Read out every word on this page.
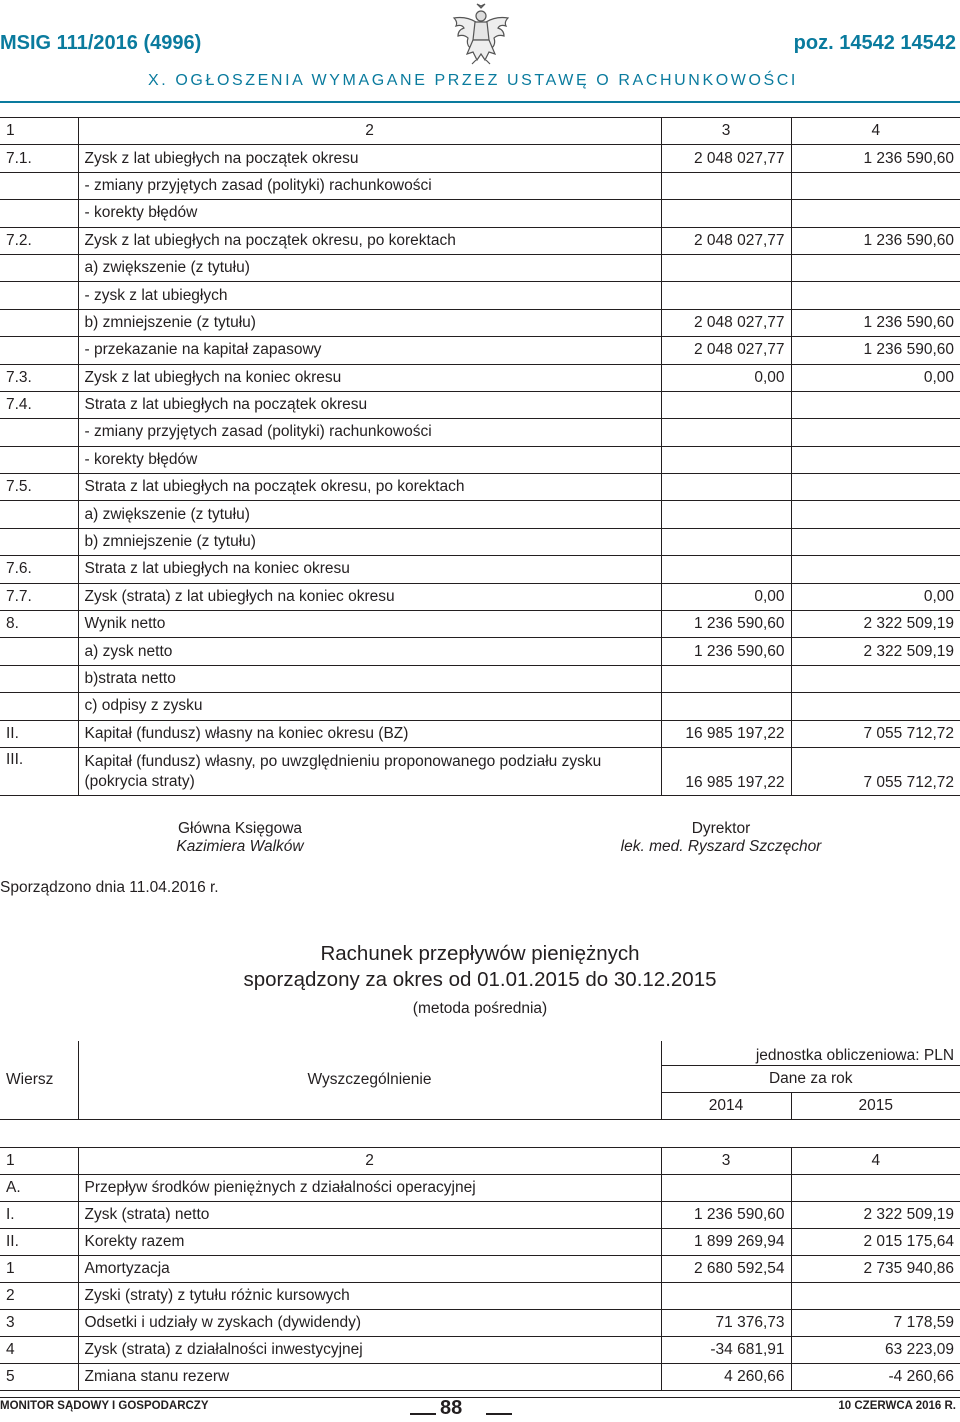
MSIG 111/2016 (4996)	poz. 14542 14542
X. OGŁOSZENIA WYMAGANE PRZEZ USTAWĘ O RACHUNKOWOŚCI
1	2	3	4
7.1.	Zysk z lat ubiegłych na początek okresu	2 048 027,77	1 236 590,60
	- zmiany przyjętych zasad (polityki) rachunkowości		
	- korekty błędów		
7.2.	Zysk z lat ubiegłych na początek okresu, po korektach	2 048 027,77	1 236 590,60
	a) zwiększenie (z tytułu)		
	- zysk z lat ubiegłych		
	b) zmniejszenie (z tytułu)	2 048 027,77	1 236 590,60
	- przekazanie na kapitał zapasowy	2 048 027,77	1 236 590,60
7.3.	Zysk z lat ubiegłych na koniec okresu	0,00	0,00
7.4.	Strata z lat ubiegłych na początek okresu		
	- zmiany przyjętych zasad (polityki) rachunkowości		
	- korekty błędów		
7.5.	Strata z lat ubiegłych na początek okresu, po korektach		
	a) zwiększenie (z tytułu)		
	b) zmniejszenie (z tytułu)		
7.6.	Strata z lat ubiegłych na koniec okresu		
7.7.	Zysk (strata) z lat ubiegłych na koniec okresu	0,00	0,00
8.	Wynik netto	1 236 590,60	2 322 509,19
	a) zysk netto	1 236 590,60	2 322 509,19
	b)strata netto		
	c) odpisy z zysku		
II.	Kapitał (fundusz) własny na koniec okresu (BZ)	16 985 197,22	7 055 712,72
III.	Kapitał (fundusz) własny, po uwzględnieniu proponowanego podziału zysku (pokrycia straty)	16 985 197,22	7 055 712,72
Główna Księgowa
Kazimiera Walków
Dyrektor
lek. med. Ryszard Szczęchor
Sporządzono dnia 11.04.2016 r.
Rachunek przepływów pieniężnych
sporządzony za okres od 01.01.2015 do 30.12.2015
(metoda pośrednia)
Wiersz	Wyszczególnienie	jednostka obliczeniowa: PLN	
		Dane za rok	
		2014	2015
1	2	3	4
A.	Przepływ środków pieniężnych z działalności operacyjnej		
I.	Zysk (strata) netto	1 236 590,60	2 322 509,19
II.	Korekty razem	1 899 269,94	2 015 175,64
1	Amortyzacja	2 680 592,54	2 735 940,86
2	Zyski (straty) z tytułu różnic kursowych		
3	Odsetki i udziały w zyskach (dywidendy)	71 376,73	7 178,59
4	Zysk (strata) z działalności inwestycyjnej	-34 681,91	63 223,09
5	Zmiana stanu rezerw	4 260,66	-4 260,66
MONITOR SĄDOWY I GOSPODARCZY	88	10 CZERWCA 2016 R.
